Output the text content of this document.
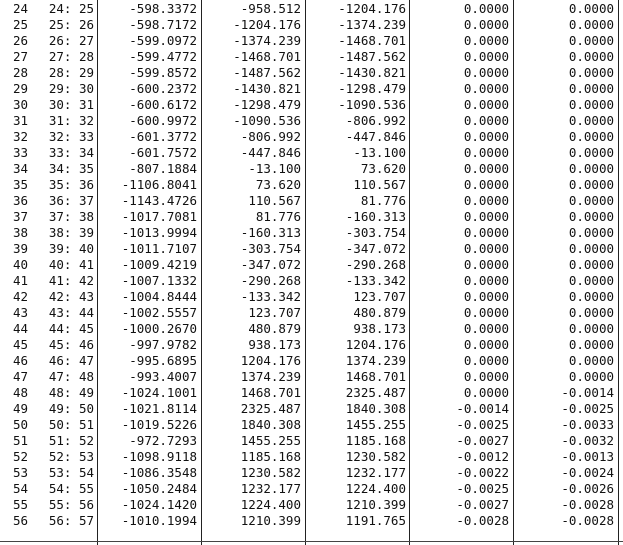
24	24: 25	-598.3372	-958.512	-1204.176	0.0000	0.0000
25	25: 26	-598.7172	-1204.176	-1374.239	0.0000	0.0000
26	26: 27	-599.0972	-1374.239	-1468.701	0.0000	0.0000
27	27: 28	-599.4772	-1468.701	-1487.562	0.0000	0.0000
28	28: 29	-599.8572	-1487.562	-1430.821	0.0000	0.0000
29	29: 30	-600.2372	-1430.821	-1298.479	0.0000	0.0000
30	30: 31	-600.6172	-1298.479	-1090.536	0.0000	0.0000
31	31: 32	-600.9972	-1090.536	-806.992	0.0000	0.0000
32	32: 33	-601.3772	-806.992	-447.846	0.0000	0.0000
33	33: 34	-601.7572	-447.846	-13.100	0.0000	0.0000
34	34: 35	-807.1884	-13.100	73.620	0.0000	0.0000
35	35: 36	-1106.8041	73.620	110.567	0.0000	0.0000
36	36: 37	-1143.4726	110.567	81.776	0.0000	0.0000
37	37: 38	-1017.7081	81.776	-160.313	0.0000	0.0000
38	38: 39	-1013.9994	-160.313	-303.754	0.0000	0.0000
39	39: 40	-1011.7107	-303.754	-347.072	0.0000	0.0000
40	40: 41	-1009.4219	-347.072	-290.268	0.0000	0.0000
41	41: 42	-1007.1332	-290.268	-133.342	0.0000	0.0000
42	42: 43	-1004.8444	-133.342	123.707	0.0000	0.0000
43	43: 44	-1002.5557	123.707	480.879	0.0000	0.0000
44	44: 45	-1000.2670	480.879	938.173	0.0000	0.0000
45	45: 46	-997.9782	938.173	1204.176	0.0000	0.0000
46	46: 47	-995.6895	1204.176	1374.239	0.0000	0.0000
47	47: 48	-993.4007	1374.239	1468.701	0.0000	0.0000
48	48: 49	-1024.1001	1468.701	2325.487	0.0000	-0.0014
49	49: 50	-1021.8114	2325.487	1840.308	-0.0014	-0.0025
50	50: 51	-1019.5226	1840.308	1455.255	-0.0025	-0.0033
51	51: 52	-972.7293	1455.255	1185.168	-0.0027	-0.0032
52	52: 53	-1098.9118	1185.168	1230.582	-0.0012	-0.0013
53	53: 54	-1086.3548	1230.582	1232.177	-0.0022	-0.0024
54	54: 55	-1050.2484	1232.177	1224.400	-0.0025	-0.0026
55	55: 56	-1024.1420	1224.400	1210.399	-0.0027	-0.0028
56	56: 57	-1010.1994	1210.399	1191.765	-0.0028	-0.0028
